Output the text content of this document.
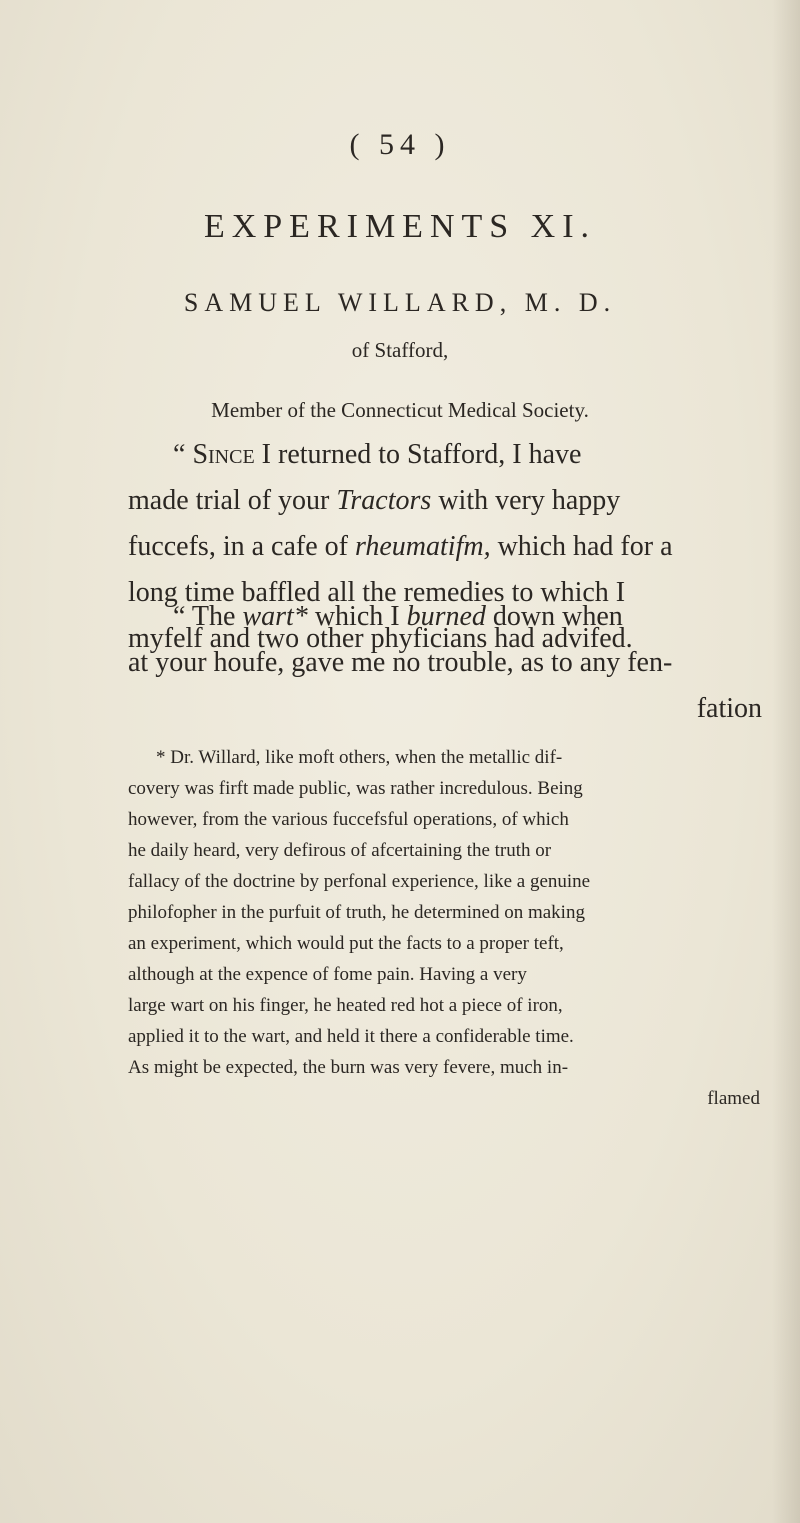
( 54 )
EXPERIMENTS XI.
SAMUEL WILLARD, M. D.
of Stafford,
Member of the Connecticut Medical Society.
“ Since I returned to Stafford, I have
made trial of your Tractors with very happy
fuccefs, in a cafe of rheumatifm, which had for a
long time baffled all the remedies to which I
myfelf and two other phyficians had advifed.
“ The wart* which I burned down when
at your houfe, gave me no trouble, as to any fen-
fation
* Dr. Willard, like moft others, when the metallic dif-
covery was firft made public, was rather incredulous. Being
however, from the various fuccefsful operations, of which
he daily heard, very defirous of afcertaining the truth or
fallacy of the doctrine by perfonal experience, like a genuine
philofopher in the purfuit of truth, he determined on making
an experiment, which would put the facts to a proper teft,
although at the expence of fome pain. Having a very
large wart on his finger, he heated red hot a piece of iron,
applied it to the wart, and held it there a confiderable time.
As might be expected, the burn was very fevere, much in-
flamed
